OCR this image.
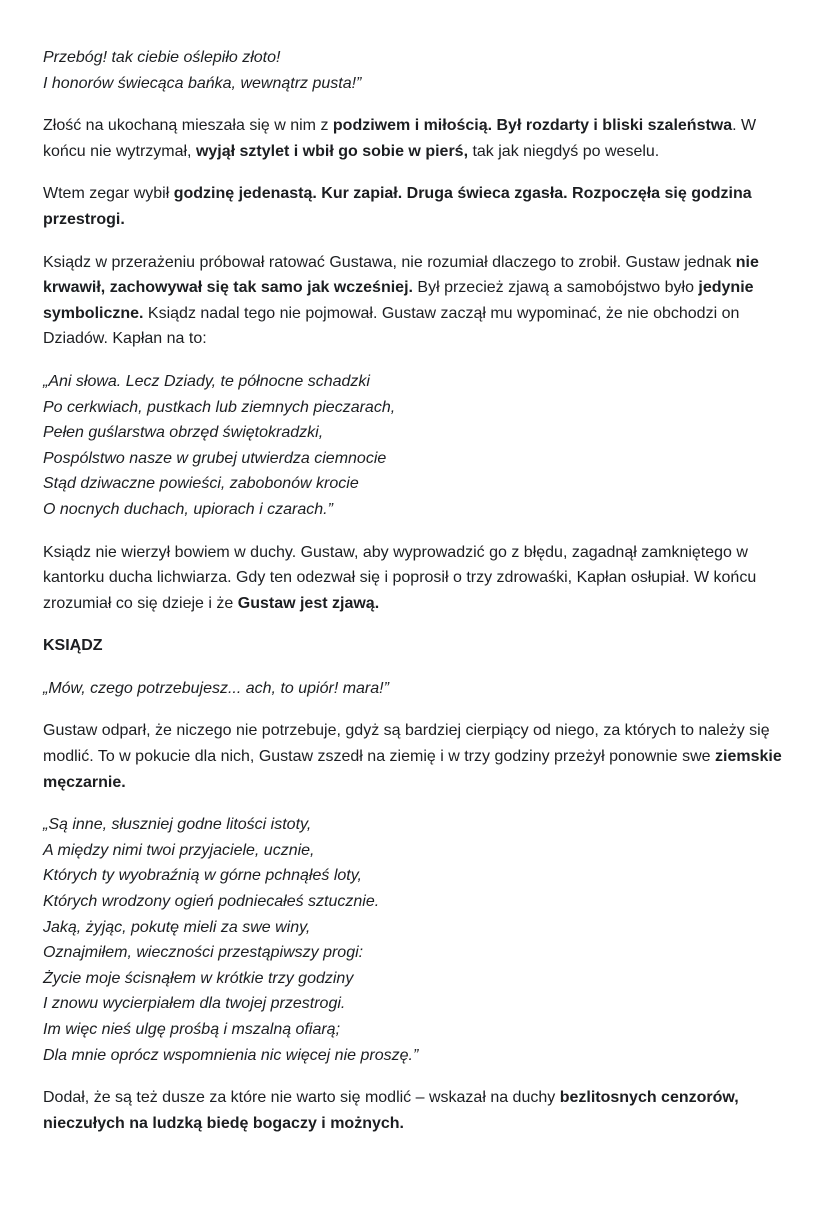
Przebóg! tak ciebie oślepiło złoto!
I honorów świecąca bańka, wewnątrz pusta!”

Złość na ukochaną mieszała się w nim z podziwem i miłością. Był rozdarty i bliski szaleństwa. W końcu nie wytrzymał, wyjął sztylet i wbił go sobie w pierś, tak jak niegdyś po weselu.

Wtem zegar wybił godzinę jedenastą. Kur zapiał. Druga świeca zgasła. Rozpoczęła się godzina przestrogi.

Ksiądz w przerażeniu próbował ratować Gustawa, nie rozumiał dlaczego to zrobił. Gustaw jednak nie krwawił, zachowywał się tak samo jak wcześniej. Był przecież zjawą a samobójstwo było jedynie symboliczne. Ksiądz nadal tego nie pojmował. Gustaw zaczął mu wypominać, że nie obchodzi on Dziadów. Kapłan na to:

„Ani słowa. Lecz Dziady, te północne schadzki
Po cerkwiach, pustkach lub ziemnych pieczarach,
Pełen guślarstwa obrzęd świętokradzki,
Pospólstwo nasze w grubej utwierdza ciemnocie
Stąd dziwaczne powieści, zabobonów krocie
O nocnych duchach, upiorach i czarach.”

Ksiądz nie wierzył bowiem w duchy. Gustaw, aby wyprowadzić go z błędu, zagadnął zamkniętego w kantorku ducha lichwiarza. Gdy ten odezwał się i poprosił o trzy zdrowaśki, Kapłan osłupiał. W końcu zrozumiał co się dzieje i że Gustaw jest zjawą.

KSIĄDZ

„Mów, czego potrzebujesz... ach, to upiór! mara!”

Gustaw odparł, że niczego nie potrzebuje, gdyż są bardziej cierpiący od niego, za których to należy się modlić. To w pokucie dla nich, Gustaw zszedł na ziemię i w trzy godziny przeżył ponownie swe ziemskie męczarnie.

„Są inne, słuszniej godne litości istoty,
A między nimi twoi przyjaciele, ucznie,
Których ty wyobraźnią w górne pchnąłeś loty,
Których wrodzony ogień podniecałeś sztucznie.
Jaką, żyjąc, pokutę mieli za swe winy,
Oznajmiłem, wieczności przestąpiwszy progi:
Życie moje ścisnąłem w krótkie trzy godziny
I znowu wycierpiałem dla twojej przestrogi.
Im więc nieś ulgę prośbą i mszalną ofiarą;
Dla mnie oprócz wspomnienia nic więcej nie proszę.”

Dodał, że są też dusze za które nie warto się modlić – wskazał na duchy bezlitosnych cenzorów, nieczułych na ludzką biedę bogaczy i możnych.
